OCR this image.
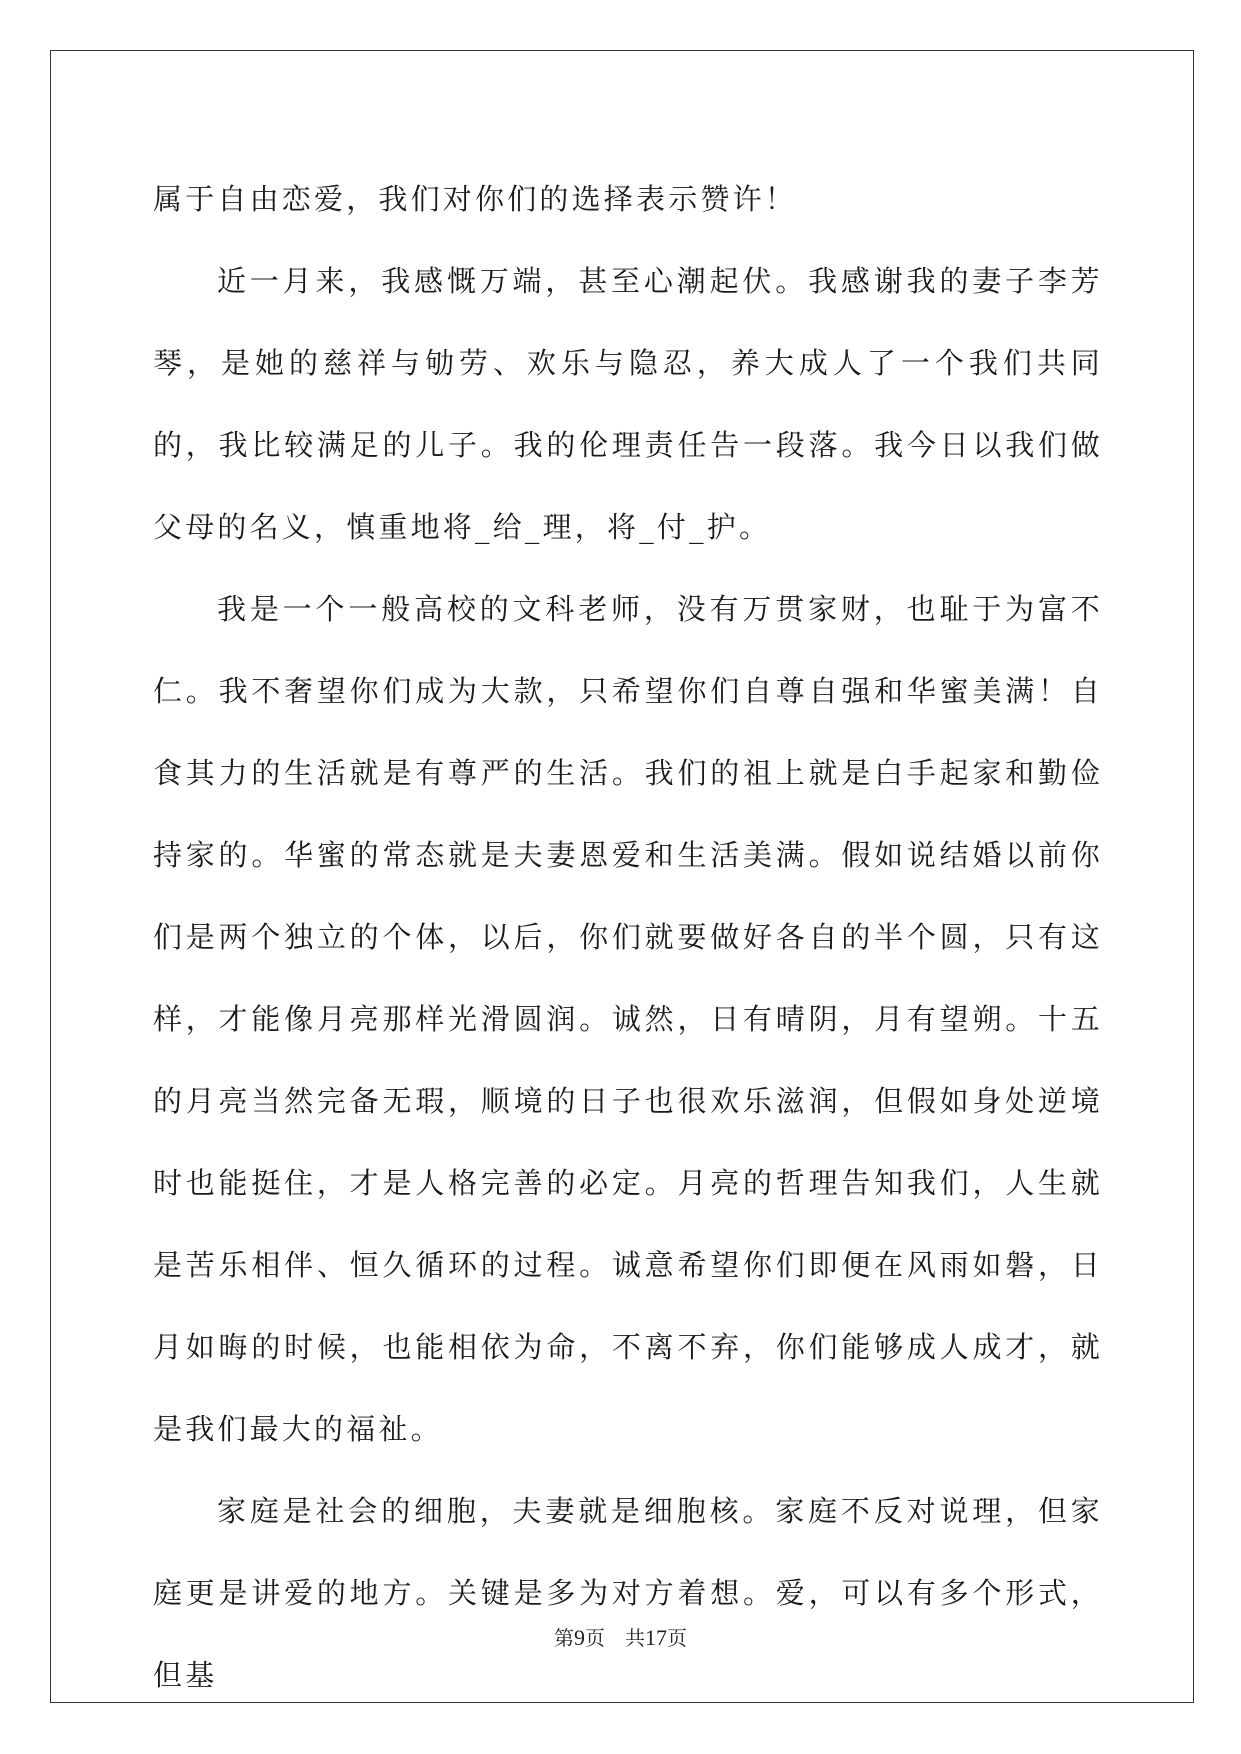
属于自由恋爱，我们对你们的选择表示赞许！

近一月来，我感慨万端，甚至心潮起伏。我感谢我的妻子李芳琴，是她的慈祥与劬劳、欢乐与隐忍，养大成人了一个我们共同的，我比较满足的儿子。我的伦理责任告一段落。我今日以我们做父母的名义，慎重地将_给_理，将_付_护。

我是一个一般高校的文科老师，没有万贯家财，也耻于为富不仁。我不奢望你们成为大款，只希望你们自尊自强和华蜜美满！自食其力的生活就是有尊严的生活。我们的祖上就是白手起家和勤俭持家的。华蜜的常态就是夫妻恩爱和生活美满。假如说结婚以前你们是两个独立的个体，以后，你们就要做好各自的半个圆，只有这样，才能像月亮那样光滑圆润。诚然，日有晴阴，月有望朔。十五的月亮当然完备无瑕，顺境的日子也很欢乐滋润，但假如身处逆境时也能挺住，才是人格完善的必定。月亮的哲理告知我们，人生就是苦乐相伴、恒久循环的过程。诚意希望你们即便在风雨如磐，日月如晦的时候，也能相依为命，不离不弃，你们能够成人成才，就是我们最大的福祉。

家庭是社会的细胞，夫妻就是细胞核。家庭不反对说理，但家庭更是讲爱的地方。关键是多为对方着想。爱，可以有多个形式，但基

第9页 共17页
